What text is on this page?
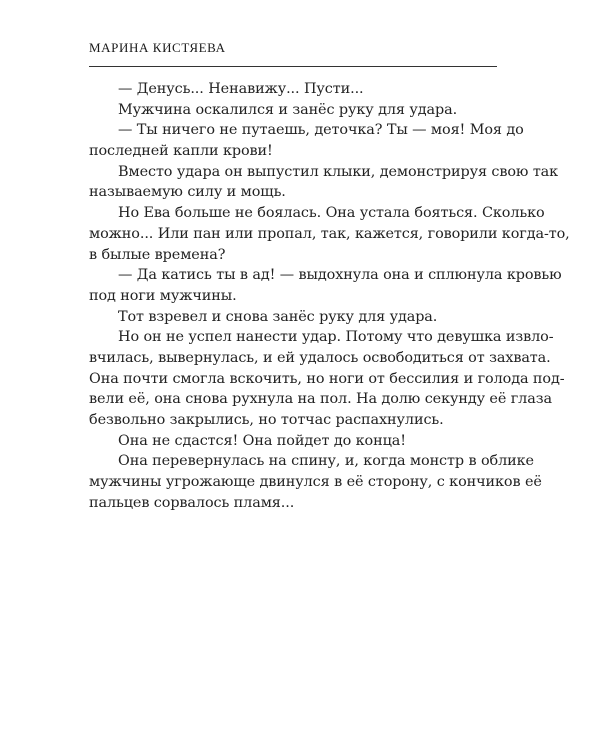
МАРИНА КИСТЯЕВА
— Денусь... Ненавижу... Пусти...
Мужчина оскалился и занёс руку для удара.
— Ты ничего не путаешь, деточка? Ты — моя! Моя до
последней капли крови!
Вместо удара он выпустил клыки, демонстрируя свою так
называемую силу и мощь.
Но Ева больше не боялась. Она устала бояться. Сколько
можно... Или пан или пропал, так, кажется, говорили когда-то,
в былые времена?
— Да катись ты в ад! — выдохнула она и сплюнула кровью
под ноги мужчины.
Тот взревел и снова занёс руку для удара.
Но он не успел нанести удар. Потому что девушка извло-
вчилась, вывернулась, и ей удалось освободиться от захвата.
Она почти смогла вскочить, но ноги от бессилия и голода под-
вели её, она снова рухнула на пол. На долю секунду её глаза
безвольно закрылись, но тотчас распахнулись.
Она не сдастся! Она пойдет до конца!
Она перевернулась на спину, и, когда монстр в облике
мужчины угрожающе двинулся в её сторону, с кончиков её
пальцев сорвалось пламя...
